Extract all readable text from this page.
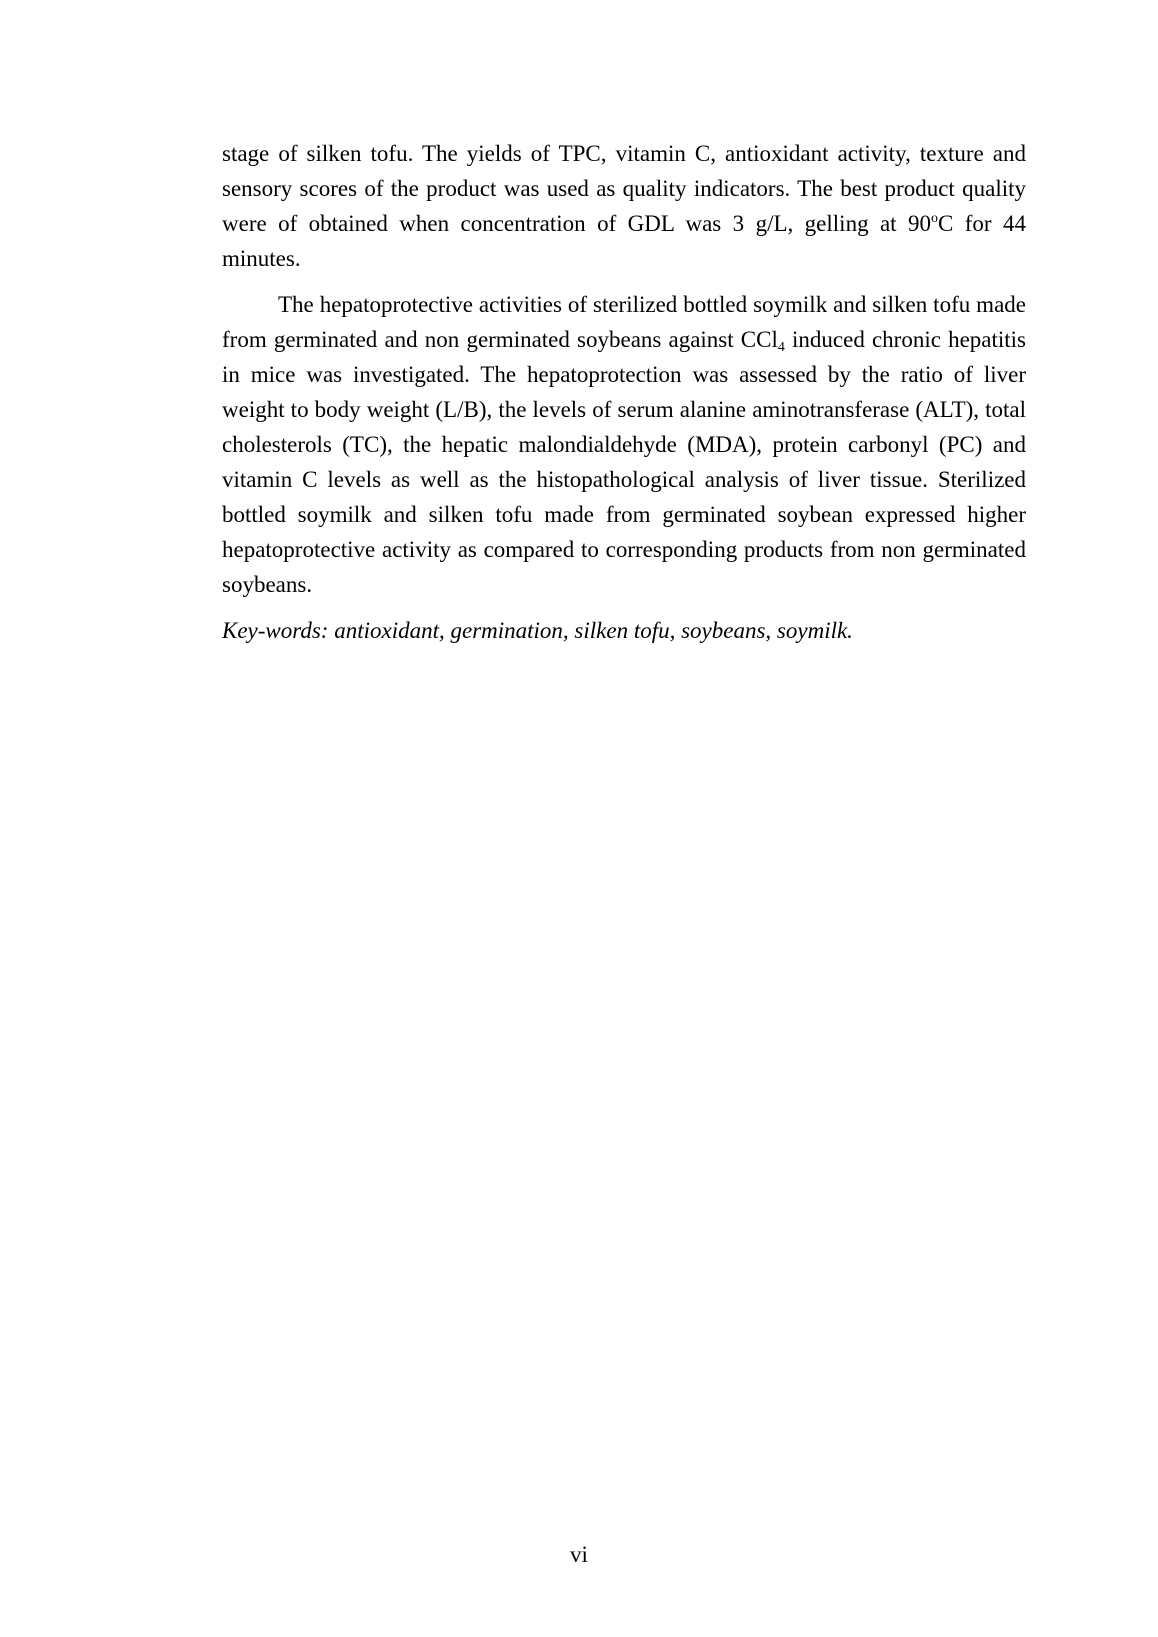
stage of silken tofu. The yields of TPC, vitamin C, antioxidant activity, texture and sensory scores of the product was used as quality indicators. The best product quality were of obtained when concentration of GDL was 3 g/L, gelling at 90$^o$C for 44 minutes.

The hepatoprotective activities of sterilized bottled soymilk and silken tofu made from germinated and non germinated soybeans against CCl$_4$ induced chronic hepatitis in mice was investigated. The hepatoprotection was assessed by the ratio of liver weight to body weight (L/B), the levels of serum alanine aminotransferase (ALT), total cholesterols (TC), the hepatic malondialdehyde (MDA), protein carbonyl (PC) and vitamin C levels as well as the histopathological analysis of liver tissue. Sterilized bottled soymilk and silken tofu made from germinated soybean expressed higher hepatoprotective activity as compared to corresponding products from non germinated soybeans.

Key-words: antioxidant, germination, silken tofu, soybeans, soymilk.

vi
